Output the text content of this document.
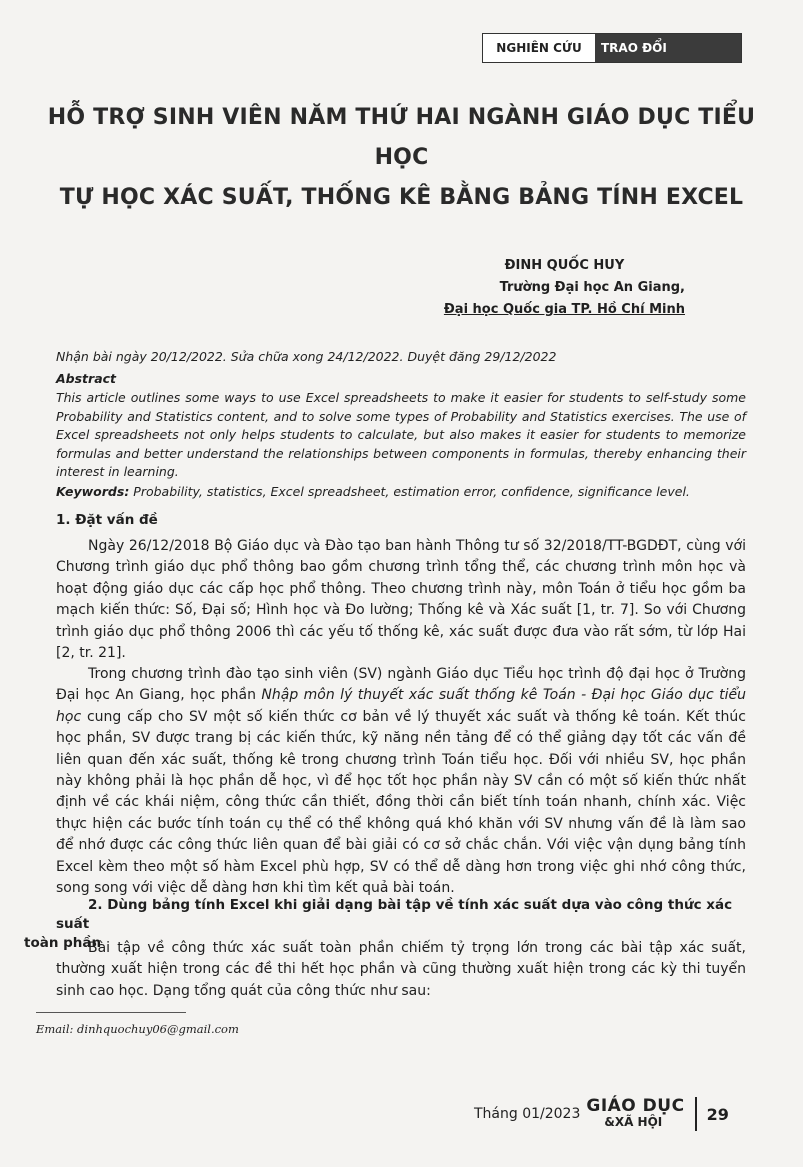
NGHIÊN CỨU	TRAO ĐỔI
HỖ TRỢ SINH VIÊN NĂM THỨ HAI NGÀNH GIÁO DỤC TIỂU HỌC
TỰ HỌC XÁC SUẤT, THỐNG KÊ BẰNG BẢNG TÍNH EXCEL
ĐINH QUỐC HUY
Trường Đại học An Giang,
Đại học Quốc gia TP. Hồ Chí Minh
Nhận bài ngày 20/12/2022. Sửa chữa xong 24/12/2022. Duyệt đăng 29/12/2022
Abstract
This article outlines some ways to use Excel spreadsheets to make it easier for students to self-study some Probability and Statistics content, and to solve some types of Probability and Statistics exercises. The use of Excel spreadsheets not only helps students to calculate, but also makes it easier for students to memorize formulas and better understand the relationships between components in formulas, thereby enhancing their interest in learning.
Keywords: Probability, statistics, Excel spreadsheet, estimation error, confidence, significance level.
1. Đặt vấn đề
Ngày 26/12/2018 Bộ Giáo dục và Đào tạo ban hành Thông tư số 32/2018/TT-BGDĐT, cùng với Chương trình giáo dục phổ thông bao gồm chương trình tổng thể, các chương trình môn học và hoạt động giáo dục các cấp học phổ thông. Theo chương trình này, môn Toán ở tiểu học gồm ba mạch kiến thức: Số, Đại số; Hình học và Đo lường; Thống kê và Xác suất [1, tr. 7]. So với Chương trình giáo dục phổ thông 2006 thì các yếu tố thống kê, xác suất được đưa vào rất sớm, từ lớp Hai [2, tr. 21].
Trong chương trình đào tạo sinh viên (SV) ngành Giáo dục Tiểu học trình độ đại học ở Trường Đại học An Giang, học phần Nhập môn lý thuyết xác suất thống kê Toán - Đại học Giáo dục tiểu học cung cấp cho SV một số kiến thức cơ bản về lý thuyết xác suất và thống kê toán. Kết thúc học phần, SV được trang bị các kiến thức, kỹ năng nền tảng để có thể giảng dạy tốt các vấn đề liên quan đến xác suất, thống kê trong chương trình Toán tiểu học. Đối với nhiều SV, học phần này không phải là học phần dễ học, vì để học tốt học phần này SV cần có một số kiến thức nhất định về các khái niệm, công thức cần thiết, đồng thời cần biết tính toán nhanh, chính xác. Việc thực hiện các bước tính toán cụ thể có thể không quá khó khăn với SV nhưng vấn đề là làm sao để nhớ được các công thức liên quan để bài giải có cơ sở chắc chắn. Với việc vận dụng bảng tính Excel kèm theo một số hàm Excel phù hợp, SV có thể dễ dàng hơn trong việc ghi nhớ công thức, song song với việc dễ dàng hơn khi tìm kết quả bài toán.
2. Dùng bảng tính Excel khi giải dạng bài tập về tính xác suất dựa vào công thức xác suất
toàn phần
Bài tập về công thức xác suất toàn phần chiếm tỷ trọng lớn trong các bài tập xác suất, thường xuất hiện trong các đề thi hết học phần và cũng thường xuất hiện trong các kỳ thi tuyển sinh cao học. Dạng tổng quát của công thức như sau:
Email: dinhquochuy06@gmail.com
Tháng 01/2023 GIÁO DỤC
&XÃ HỘI	29
